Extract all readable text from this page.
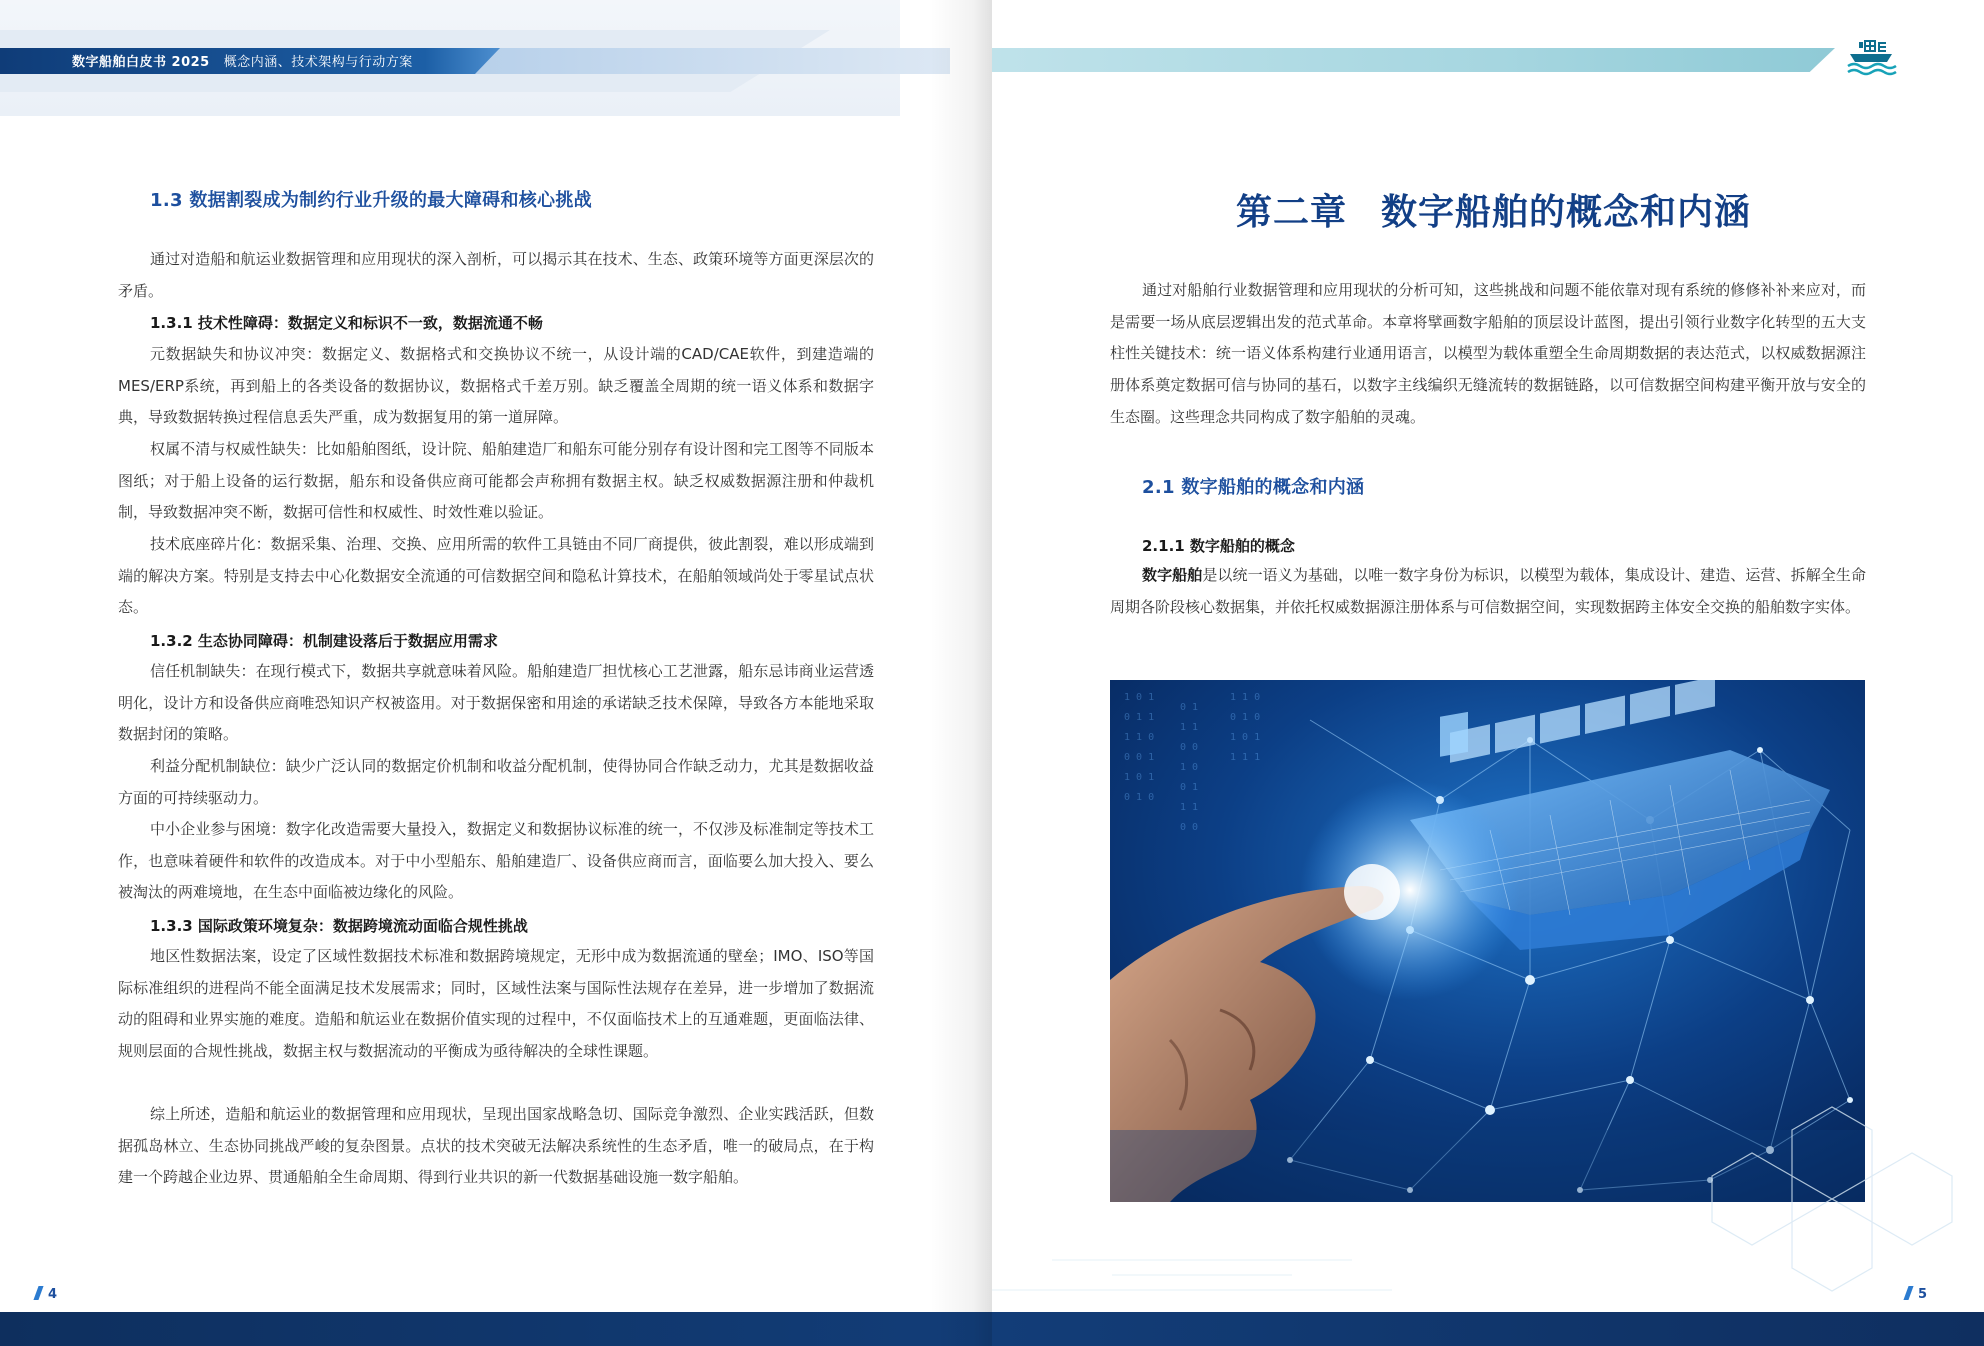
数字船舶白皮书 2025 概念内涵、技术架构与行动方案
1.3 数据割裂成为制约行业升级的最大障碍和核心挑战

通过对造船和航运业数据管理和应用现状的深入剖析，可以揭示其在技术、生态、政策环境等方面更深层次的矛盾。

1.3.1 技术性障碍：数据定义和标识不一致，数据流通不畅

元数据缺失和协议冲突：数据定义、数据格式和交换协议不统一，从设计端的CAD/CAE软件，到建造端的MES/ERP系统，再到船上的各类设备的数据协议，数据格式千差万别。缺乏覆盖全周期的统一语义体系和数据字典，导致数据转换过程信息丢失严重，成为数据复用的第一道屏障。

权属不清与权威性缺失：比如船舶图纸，设计院、船舶建造厂和船东可能分别存有设计图和完工图等不同版本图纸；对于船上设备的运行数据，船东和设备供应商可能都会声称拥有数据主权。缺乏权威数据源注册和仲裁机制，导致数据冲突不断，数据可信性和权威性、时效性难以验证。

技术底座碎片化：数据采集、治理、交换、应用所需的软件工具链由不同厂商提供，彼此割裂，难以形成端到端的解决方案。特别是支持去中心化数据安全流通的可信数据空间和隐私计算技术，在船舶领域尚处于零星试点状态。

1.3.2 生态协同障碍：机制建设落后于数据应用需求

信任机制缺失：在现行模式下，数据共享就意味着风险。船舶建造厂担忧核心工艺泄露，船东忌讳商业运营透明化，设计方和设备供应商唯恐知识产权被盗用。对于数据保密和用途的承诺缺乏技术保障，导致各方本能地采取数据封闭的策略。

利益分配机制缺位：缺少广泛认同的数据定价机制和收益分配机制，使得协同合作缺乏动力，尤其是数据收益方面的可持续驱动力。

中小企业参与困境：数字化改造需要大量投入，数据定义和数据协议标准的统一，不仅涉及标准制定等技术工作，也意味着硬件和软件的改造成本。对于中小型船东、船舶建造厂、设备供应商而言，面临要么加大投入、要么被淘汰的两难境地，在生态中面临被边缘化的风险。

1.3.3 国际政策环境复杂：数据跨境流动面临合规性挑战

地区性数据法案，设定了区域性数据技术标准和数据跨境规定，无形中成为数据流通的壁垒；IMO、ISO等国际标准组织的进程尚不能全面满足技术发展需求；同时，区域性法案与国际性法规存在差异，进一步增加了数据流动的阻碍和业界实施的难度。造船和航运业在数据价值实现的过程中，不仅面临技术上的互通难题，更面临法律、规则层面的合规性挑战，数据主权与数据流动的平衡成为亟待解决的全球性课题。

综上所述，造船和航运业的数据管理和应用现状，呈现出国家战略急切、国际竞争激烈、企业实践活跃，但数据孤岛林立、生态协同挑战严峻的复杂图景。点状的技术突破无法解决系统性的生态矛盾，唯一的破局点，在于构建一个跨越企业边界、贯通船舶全生命周期、得到行业共识的新一代数据基础设施一数字船舶。

4
第二章 数字船舶的概念和内涵

通过对船舶行业数据管理和应用现状的分析可知，这些挑战和问题不能依靠对现有系统的修修补补来应对，而是需要一场从底层逻辑出发的范式革命。本章将擘画数字船舶的顶层设计蓝图，提出引领行业数字化转型的五大支柱性关键技术：统一语义体系构建行业通用语言，以模型为载体重塑全生命周期数据的表达范式，以权威数据源注册体系奠定数据可信与协同的基石，以数字主线编织无缝流转的数据链路，以可信数据空间构建平衡开放与安全的生态圈。这些理念共同构成了数字船舶的灵魂。

2.1 数字船舶的概念和内涵
2.1.1 数字船舶的概念

数字船舶是以统一语义为基础，以唯一数字身份为标识，以模型为载体，集成设计、建造、运营、拆解全生命周期各阶段核心数据集，并依托权威数据源注册体系与可信数据空间，实现数据跨主体安全交换的船舶数字实体。

1 0 1
0 1 1
1 1 0
0 0 1
1 0 1
0 1 0
0 1
1 1
0 0
1 0
0 1
1 1
0 0
1 1 0
0 1 0
1 0 1
1 1 1
5
